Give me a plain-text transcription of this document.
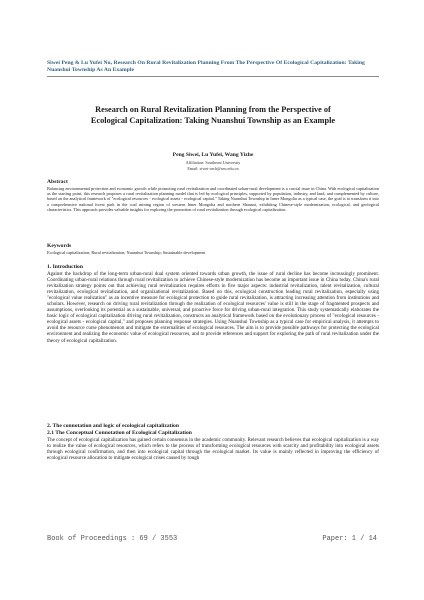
Siwei Peng & Lu Yufei Nu, Research On Rural Revitalization Planning From The Perspective Of Ecological Capitalization: Taking Nuanshui Township As An Example
Research on Rural Revitalization Planning from the Perspective of Ecological Capitalization: Taking Nuanshui Township as an Example
Peng Siwei, Lu Yufei, Wang Yizhe
Affiliation: Southeast University
Email: siwei-arch@seu.edu.cn
Abstract
Balancing environmental protection and economic growth while promoting rural revitalization and coordinated urban-rural development is a crucial issue in China. With ecological capitalization as the starting point, this research proposes a rural revitalization planning model that is led by ecological principles, supported by population, industry, and land, and complemented by culture, based on the analytical framework of "ecological resources - ecological assets - ecological capital." Taking Nuanshui Township in Inner Mongolia as a typical case, the goal is to transform it into a comprehensive national forest park in the coal mining region of western Inner Mongolia and northern Shaanxi, exhibiting Chinese-style modernization, ecological, and geological characteristics. This approach provides valuable insights for exploring the promotion of rural revitalization through ecological capitalization.
Keywords
Ecological capitalization; Rural revitalization; Nuanshui Township; Sustainable development
1. Introduction
Against the backdrop of the long-term urban-rural dual system oriented towards urban growth, the issue of rural decline has become increasingly prominent. Coordinating urban-rural relations through rural revitalization to achieve Chinese-style modernization has become an important issue in China today. China's rural revitalization strategy points out that achieving rural revitalization requires efforts in five major aspects: industrial revitalization, talent revitalization, cultural revitalization, ecological revitalization, and organizational revitalization. Based on this, ecological construction leading rural revitalization, especially using "ecological value realization" as an incentive measure for ecological protection to guide rural revitalization, is attracting increasing attention from institutions and scholars. However, research on driving rural revitalization through the realization of ecological resources' value is still in the stage of fragmented prospects and assumptions, overlooking its potential as a sustainable, universal, and proactive force for driving urban-rural integration. This study systematically elaborates the basic logic of ecological capitalization driving rural revitalization, constructs an analytical framework based on the evolutionary process of "ecological resources - ecological assets - ecological capital," and proposes planning response strategies. Using Nuanshui Township as a typical case for empirical analysis, it attempts to avoid the resource curse phenomenon and mitigate the externalities of ecological resources. The aim is to provide possible pathways for protecting the ecological environment and realizing the economic value of ecological resources, and to provide references and support for exploring the path of rural revitalization under the theory of ecological capitalization.
2. The connotation and logic of ecological capitalization
2.1 The Conceptual Connotation of Ecological Capitalization
The concept of ecological capitalization has gained certain consensus in the academic community. Relevant research believes that ecological capitalization is a way to realize the value of ecological resources, which refers to the process of transforming ecological resources with scarcity and profitability into ecological assets through ecological confirmation, and then into ecological capital through the ecological market. Its value is mainly reflected in improving the efficiency of ecological resource allocation to mitigate ecological crises caused by rough
Book of Proceedings : 69 / 3553	Paper: 1 / 14
